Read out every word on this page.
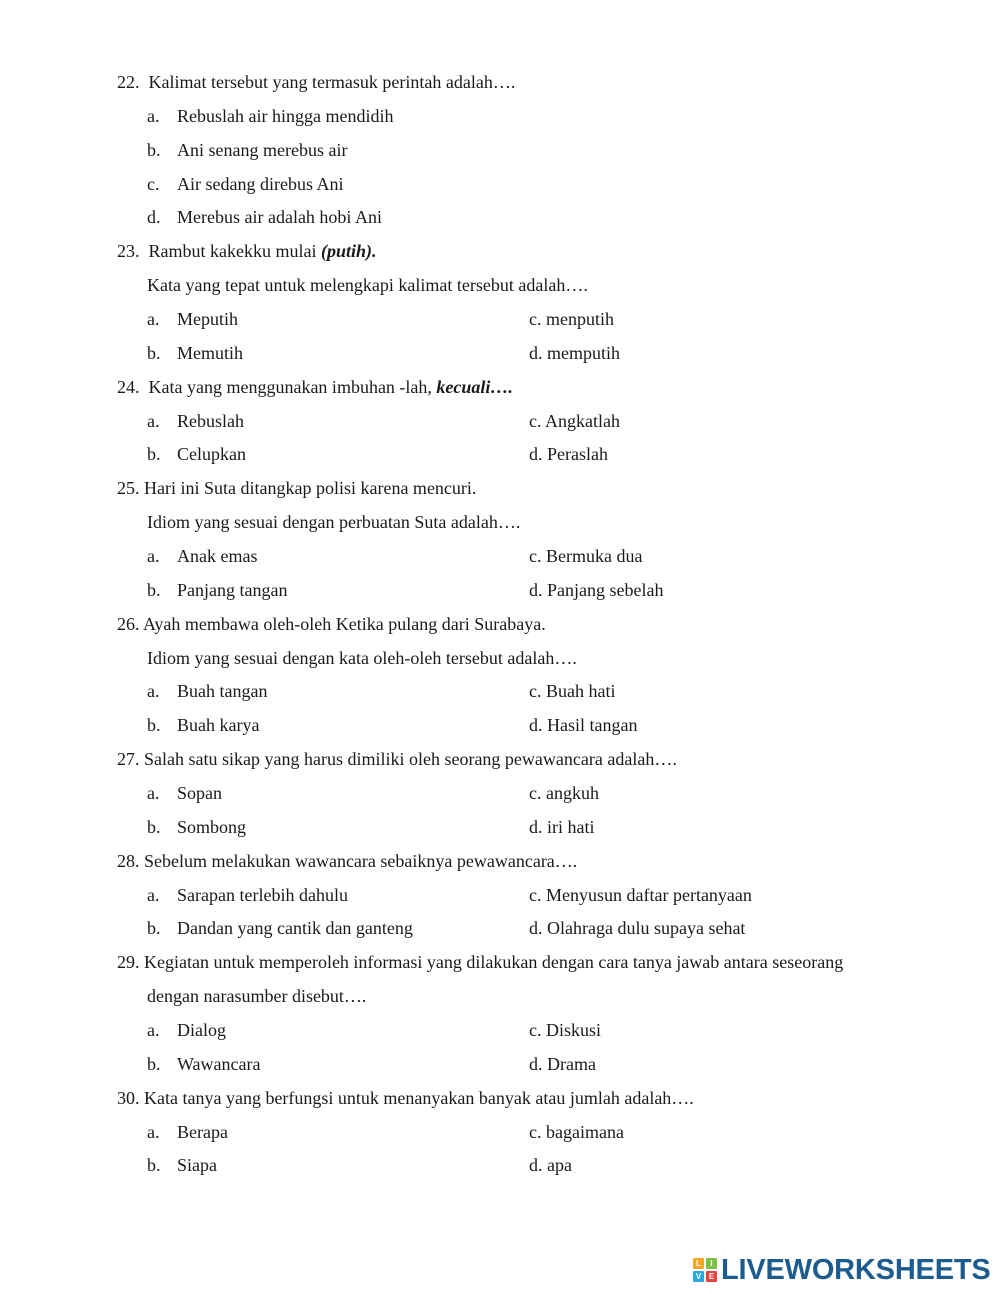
22. Kalimat tersebut yang termasuk perintah adalah….
a. Rebuslah air hingga mendidih
b. Ani senang merebus air
c. Air sedang direbus Ani
d. Merebus air adalah hobi Ani
23. Rambut kakekku mulai (putih).
Kata yang tepat untuk melengkapi kalimat tersebut adalah….
a. Meputih	c. menputih
b. Memutih	d. memputih
24. Kata yang menggunakan imbuhan -lah, kecuali….
a. Rebuslah	c. Angkatlah
b. Celupkan	d. Peraslah
25. Hari ini Suta ditangkap polisi karena mencuri.
Idiom yang sesuai dengan perbuatan Suta adalah….
a. Anak emas	c. Bermuka dua
b. Panjang tangan	d. Panjang sebelah
26. Ayah membawa oleh-oleh Ketika pulang dari Surabaya.
Idiom yang sesuai dengan kata oleh-oleh tersebut adalah….
a. Buah tangan	c. Buah hati
b. Buah karya	d. Hasil tangan
27. Salah satu sikap yang harus dimiliki oleh seorang pewawancara adalah….
a. Sopan	c. angkuh
b. Sombong	d. iri hati
28. Sebelum melakukan wawancara sebaiknya pewawancara….
a. Sarapan terlebih dahulu	c. Menyusun daftar pertanyaan
b. Dandan yang cantik dan ganteng	d. Olahraga dulu supaya sehat
29. Kegiatan untuk memperoleh informasi yang dilakukan dengan cara tanya jawab antara seseorang
dengan narasumber disebut….
a. Dialog	c. Diskusi
b. Wawancara	d. Drama
30. Kata tanya yang berfungsi untuk menanyakan banyak atau jumlah adalah….
a. Berapa	c. bagaimana
b. Siapa	d. apa
L	I
V E LIVEWORKSHEETS
